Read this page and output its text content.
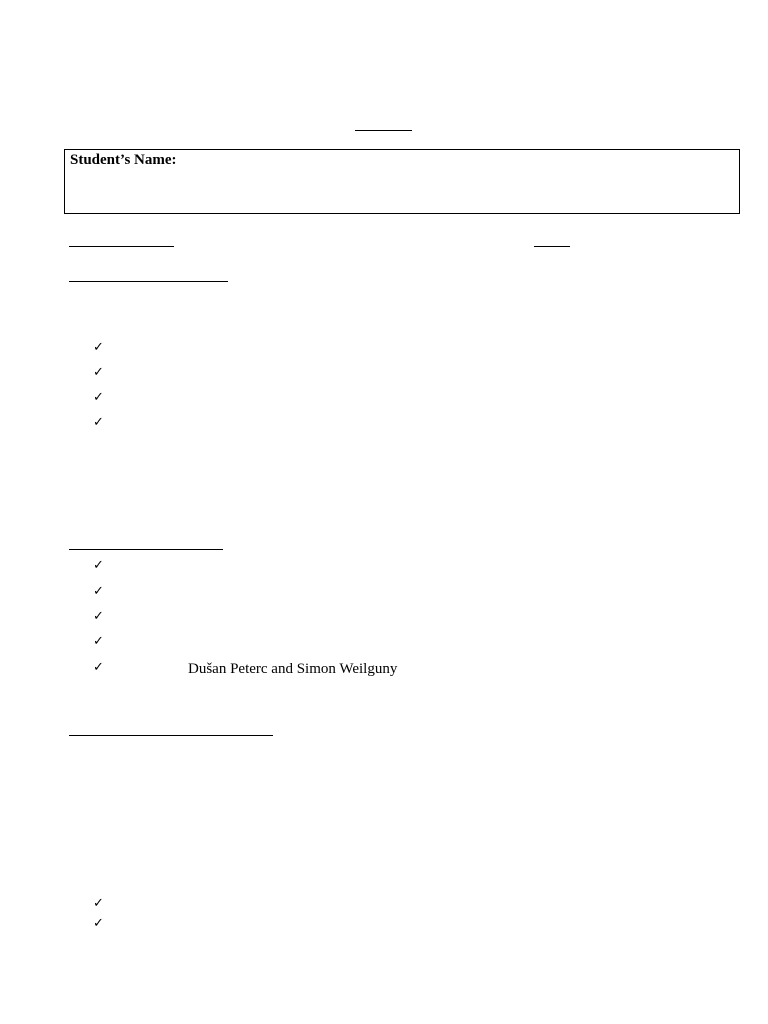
Student’s Name:
✓
✓
✓
✓
✓
✓
✓
✓
✓	Dušan Peterc and Simon Weilguny
✓
✓
